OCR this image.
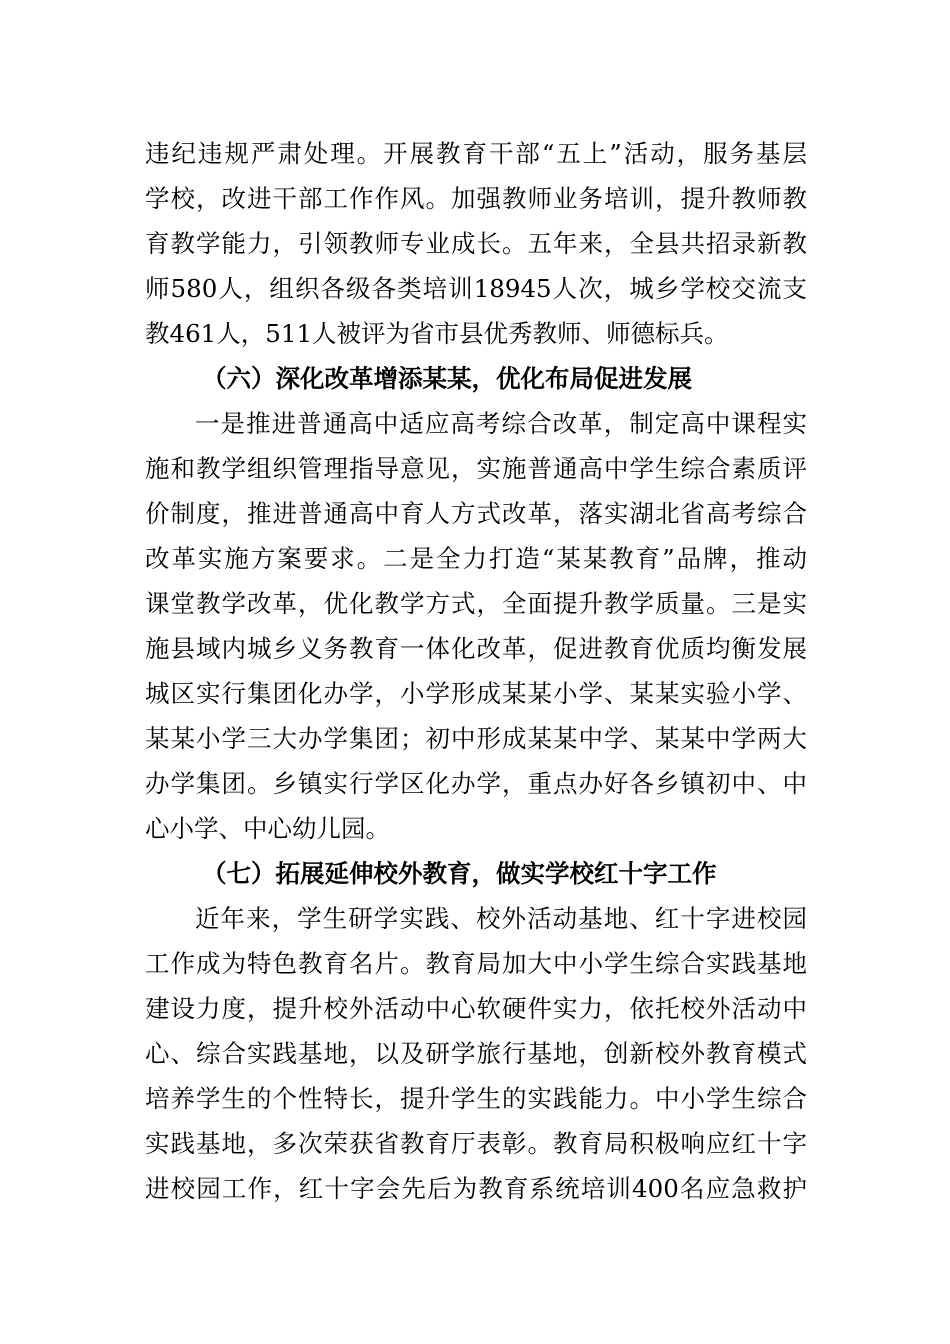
违纪违规严肃处理。开展教育干部“五上”活动，服务基层
学校，改进干部工作作风。加强教师业务培训，提升教师教
育教学能力，引领教师专业成长。五年来，全县共招录新教
师580人，组织各级各类培训18945人次，城乡学校交流支
教461人，511人被评为省市县优秀教师、师德标兵。
（六）深化改革增添某某，优化布局促进发展
一是推进普通高中适应高考综合改革，制定高中课程实
施和教学组织管理指导意见，实施普通高中学生综合素质评
价制度，推进普通高中育人方式改革，落实湖北省高考综合
改革实施方案要求。二是全力打造“某某教育”品牌，推动
课堂教学改革，优化教学方式，全面提升教学质量。三是实
施县域内城乡义务教育一体化改革，促进教育优质均衡发展
城区实行集团化办学，小学形成某某小学、某某实验小学、
某某小学三大办学集团；初中形成某某中学、某某中学两大
办学集团。乡镇实行学区化办学，重点办好各乡镇初中、中
心小学、中心幼儿园。
（七）拓展延伸校外教育，做实学校红十字工作
近年来，学生研学实践、校外活动基地、红十字进校园
工作成为特色教育名片。教育局加大中小学生综合实践基地
建设力度，提升校外活动中心软硬件实力，依托校外活动中
心、综合实践基地，以及研学旅行基地，创新校外教育模式
培养学生的个性特长，提升学生的实践能力。中小学生综合
实践基地，多次荣获省教育厅表彰。教育局积极响应红十字
进校园工作，红十字会先后为教育系统培训400名应急救护
